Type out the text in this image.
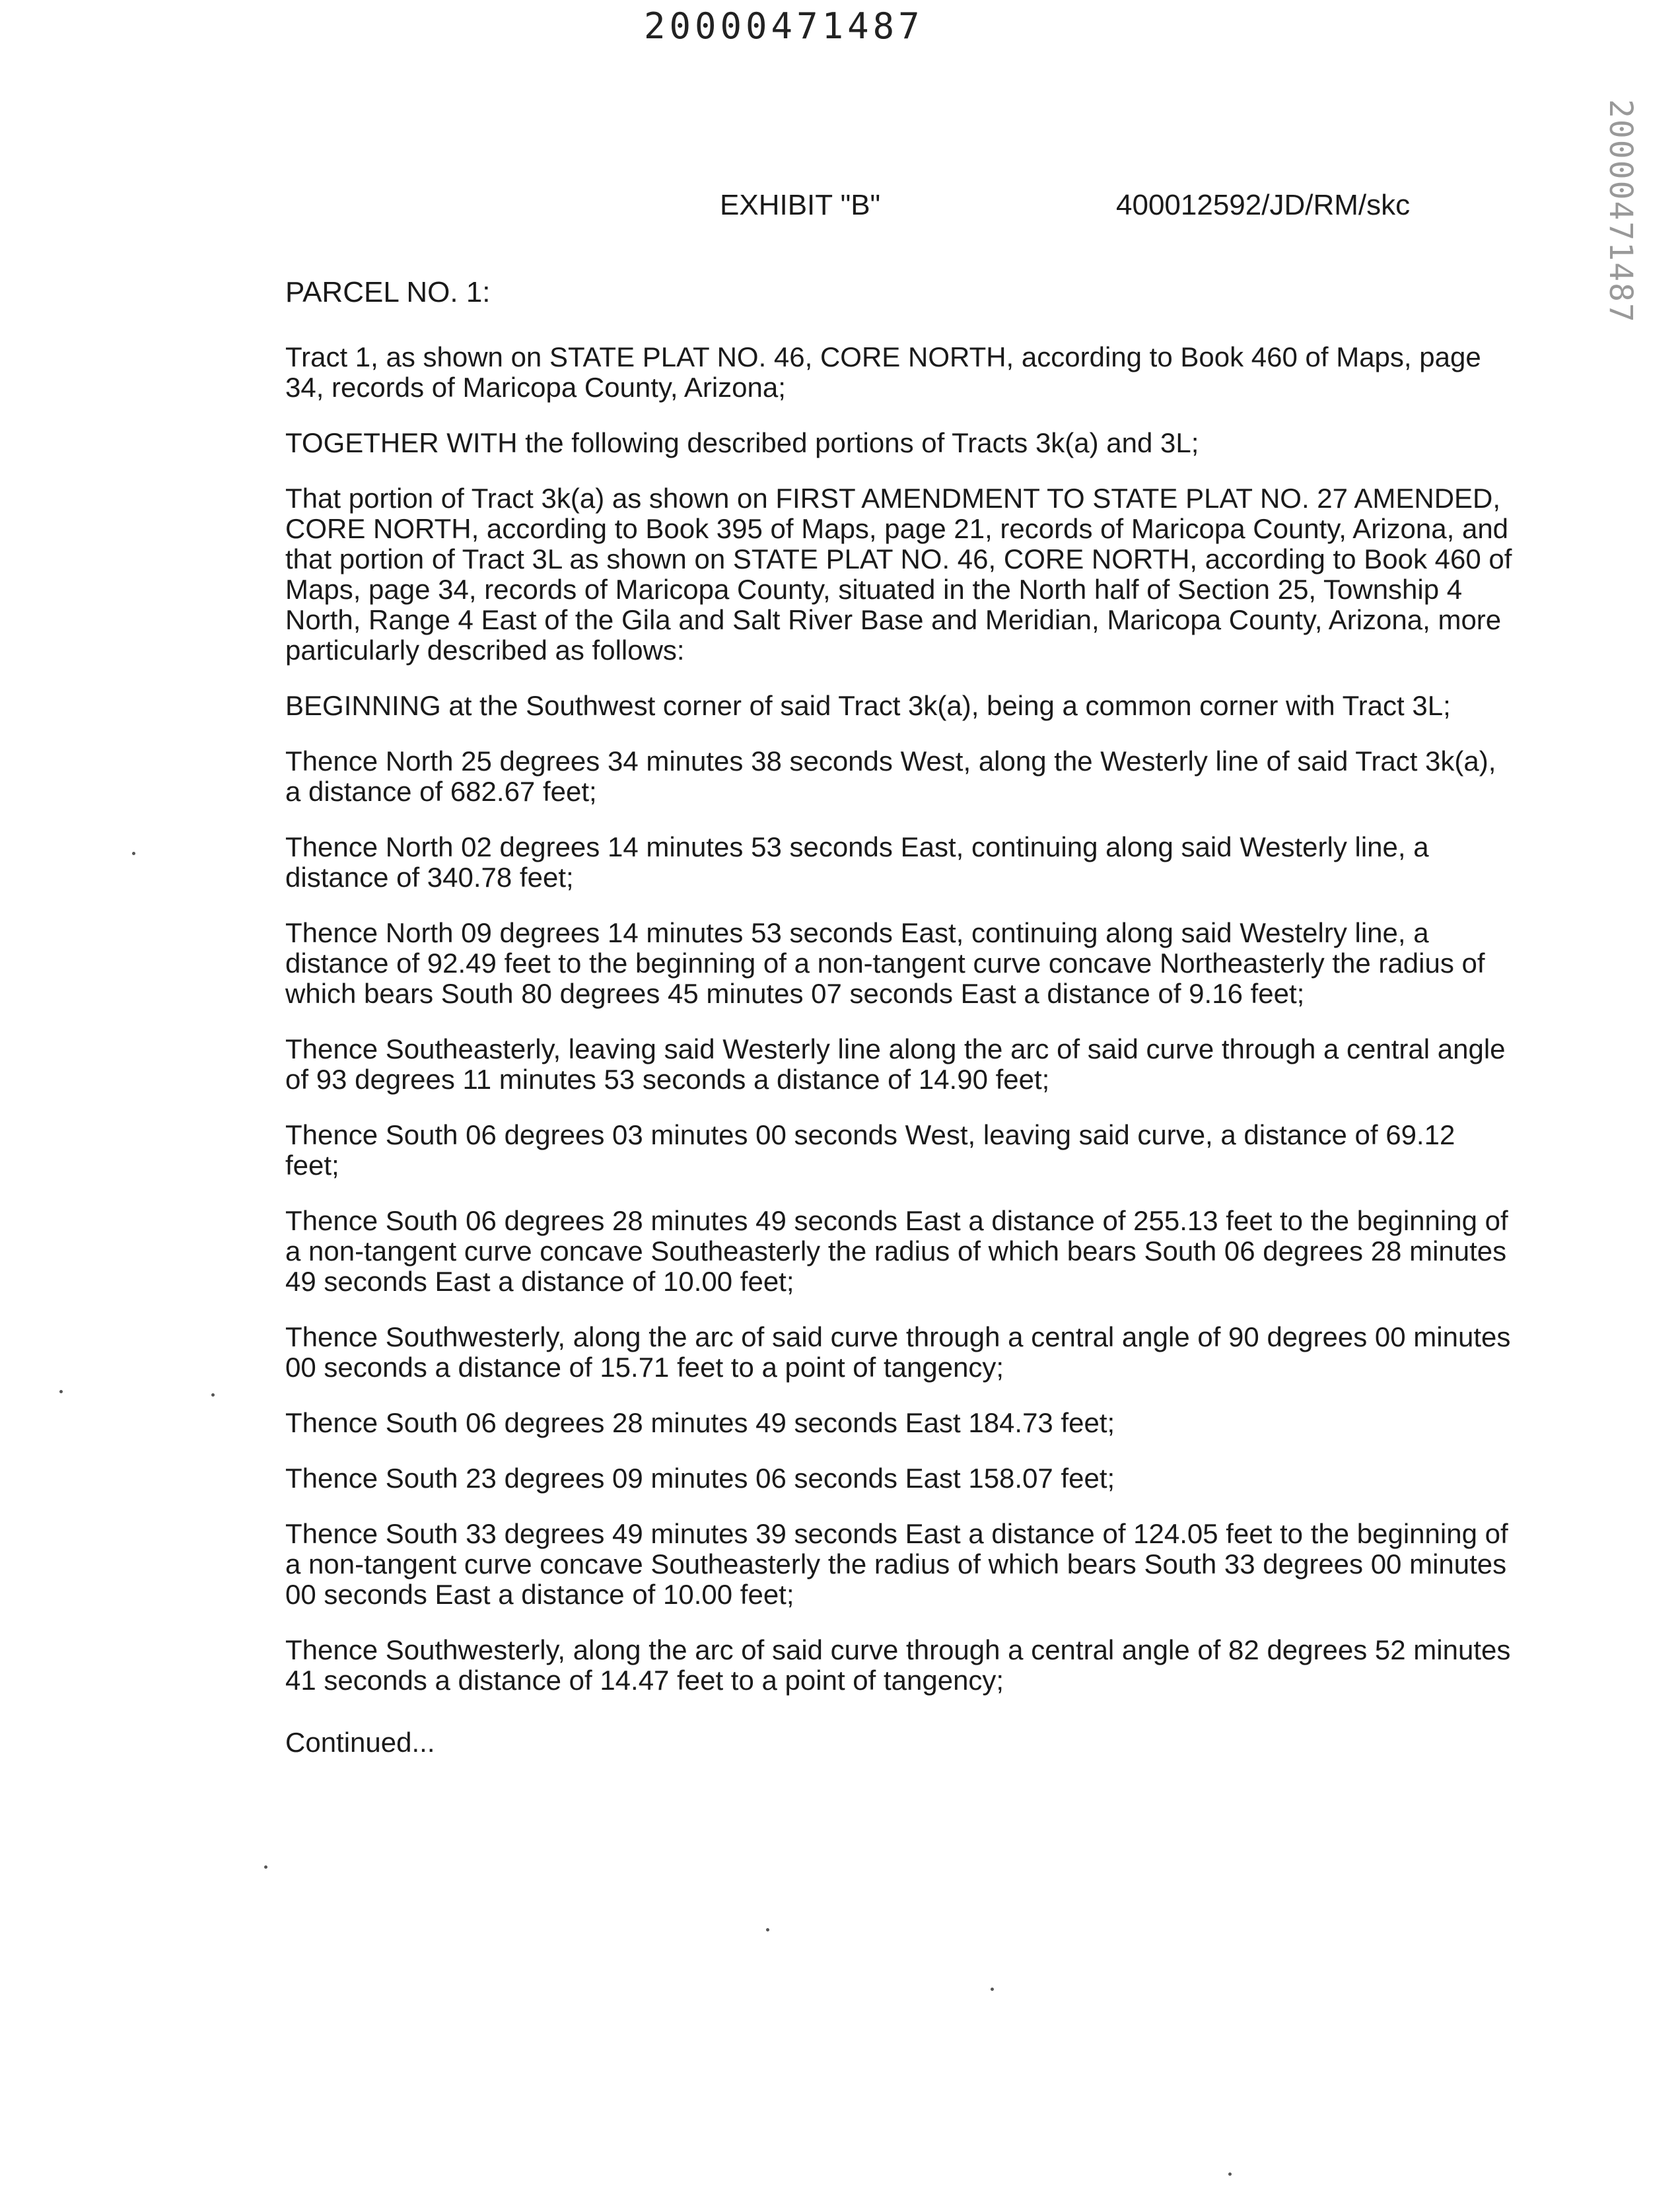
20000471487
20000471487
EXHIBIT "B"	400012592/JD/RM/skc
PARCEL NO. 1:

Tract 1, as shown on STATE PLAT NO. 46, CORE NORTH, according to Book 460 of Maps, page 34, records of Maricopa County, Arizona;

TOGETHER WITH the following described portions of Tracts 3k(a) and 3L;

That portion of Tract 3k(a) as shown on FIRST AMENDMENT TO STATE PLAT NO. 27 AMENDED, CORE NORTH, according to Book 395 of Maps, page 21, records of Maricopa County, Arizona, and that portion of Tract 3L as shown on STATE PLAT NO. 46, CORE NORTH, according to Book 460 of Maps, page 34, records of Maricopa County, situated in the North half of Section 25, Township 4 North, Range 4 East of the Gila and Salt River Base and Meridian, Maricopa County, Arizona, more particularly described as follows:

BEGINNING at the Southwest corner of said Tract 3k(a), being a common corner with Tract 3L;

Thence North 25 degrees 34 minutes 38 seconds West, along the Westerly line of said Tract 3k(a), a distance of 682.67 feet;

Thence North 02 degrees 14 minutes 53 seconds East, continuing along said Westerly line, a distance of 340.78 feet;

Thence North 09 degrees 14 minutes 53 seconds East, continuing along said Westelry line, a distance of 92.49 feet to the beginning of a non-tangent curve concave Northeasterly the radius of which bears South 80 degrees 45 minutes 07 seconds East a distance of 9.16 feet;

Thence Southeasterly, leaving said Westerly line along the arc of said curve through a central angle of 93 degrees 11 minutes 53 seconds a distance of 14.90 feet;

Thence South 06 degrees 03 minutes 00 seconds West, leaving said curve, a distance of 69.12 feet;

Thence South 06 degrees 28 minutes 49 seconds East a distance of 255.13 feet to the beginning of a non-tangent curve concave Southeasterly the radius of which bears South 06 degrees 28 minutes 49 seconds East a distance of 10.00 feet;

Thence Southwesterly, along the arc of said curve through a central angle of 90 degrees 00 minutes 00 seconds a distance of 15.71 feet to a point of tangency;

Thence South 06 degrees 28 minutes 49 seconds East 184.73 feet;

Thence South 23 degrees 09 minutes 06 seconds East 158.07 feet;

Thence South 33 degrees 49 minutes 39 seconds East a distance of 124.05 feet to the beginning of a non-tangent curve concave Southeasterly the radius of which bears South 33 degrees 00 minutes 00 seconds East a distance of 10.00 feet;

Thence Southwesterly, along the arc of said curve through a central angle of 82 degrees 52 minutes 41 seconds a distance of 14.47 feet to a point of tangency;

Continued...
